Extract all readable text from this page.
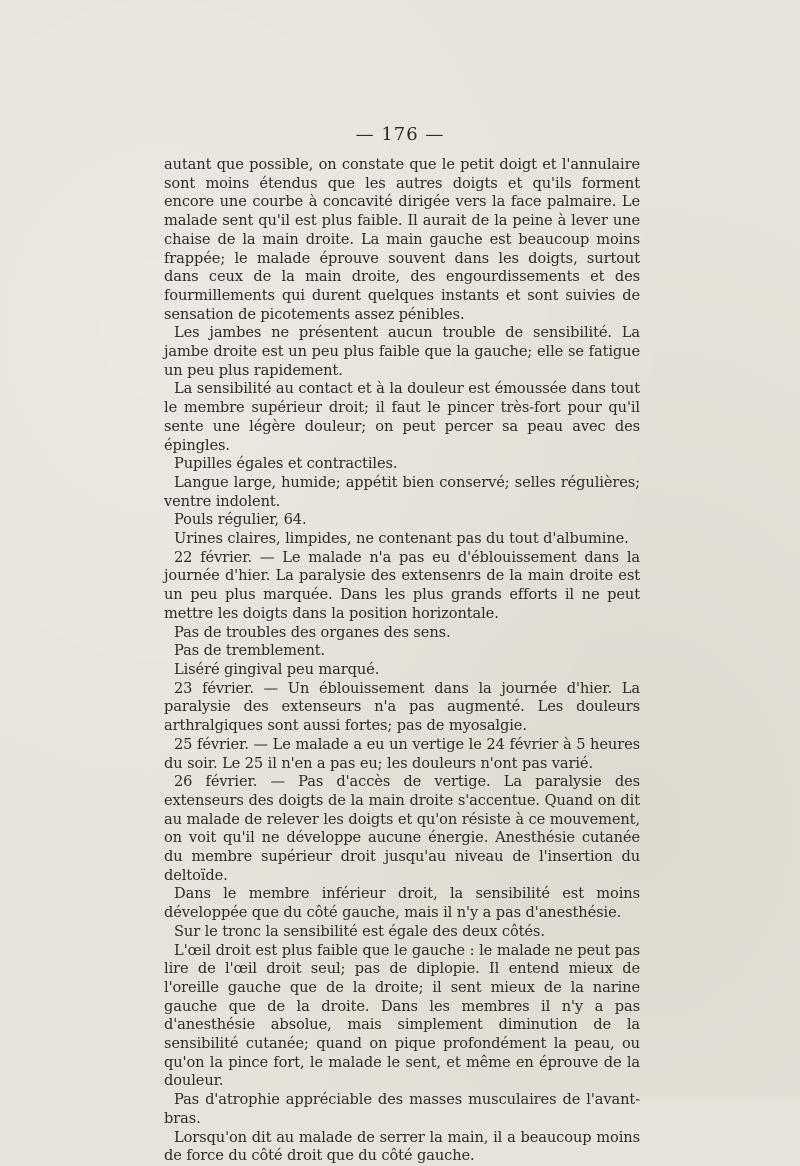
— 176 —

autant que possible, on constate que le petit doigt et l'annulaire sont moins étendus que les autres doigts et qu'ils forment encore une courbe à concavité dirigée vers la face palmaire. Le malade sent qu'il est plus faible. Il aurait de la peine à lever une chaise de la main droite. La main gauche est beaucoup moins frappée; le malade éprouve souvent dans les doigts, surtout dans ceux de la main droite, des engourdissements et des fourmillements qui durent quelques instants et sont suivies de sensation de picotements assez pénibles.

Les jambes ne présentent aucun trouble de sensibilité. La jambe droite est un peu plus faible que la gauche; elle se fatigue un peu plus rapidement.

La sensibilité au contact et à la douleur est émoussée dans tout le membre supérieur droit; il faut le pincer très-fort pour qu'il sente une légère douleur; on peut percer sa peau avec des épingles.

Pupilles égales et contractiles.

Langue large, humide; appétit bien conservé; selles régulières; ventre indolent.

Pouls régulier, 64.

Urines claires, limpides, ne contenant pas du tout d'albumine.

22 février. — Le malade n'a pas eu d'éblouissement dans la journée d'hier. La paralysie des extensenrs de la main droite est un peu plus marquée. Dans les plus grands efforts il ne peut mettre les doigts dans la position horizontale.

Pas de troubles des organes des sens.

Pas de tremblement.

Liséré gingival peu marqué.

23 février. — Un éblouissement dans la journée d'hier. La paralysie des extenseurs n'a pas augmenté. Les douleurs arthralgiques sont aussi fortes; pas de myosalgie.

25 février. — Le malade a eu un vertige le 24 février à 5 heures du soir. Le 25 il n'en a pas eu; les douleurs n'ont pas varié.

26 février. — Pas d'accès de vertige. La paralysie des extenseurs des doigts de la main droite s'accentue. Quand on dit au malade de relever les doigts et qu'on résiste à ce mouvement, on voit qu'il ne développe aucune énergie. Anesthésie cutanée du membre supérieur droit jusqu'au niveau de l'insertion du deltoïde.

Dans le membre inférieur droit, la sensibilité est moins développée que du côté gauche, mais il n'y a pas d'anesthésie.

Sur le tronc la sensibilité est égale des deux côtés.

L'œil droit est plus faible que le gauche : le malade ne peut pas lire de l'œil droit seul; pas de diplopie. Il entend mieux de l'oreille gauche que de la droite; il sent mieux de la narine gauche que de la droite. Dans les membres il n'y a pas d'anesthésie absolue, mais simplement diminution de la sensibilité cutanée; quand on pique profondément la peau, ou qu'on la pince fort, le malade le sent, et même en éprouve de la douleur.

Pas d'atrophie appréciable des masses musculaires de l'avant-bras.

Lorsqu'on dit au malade de serrer la main, il a beaucoup moins de force du côté droit que du côté gauche.
